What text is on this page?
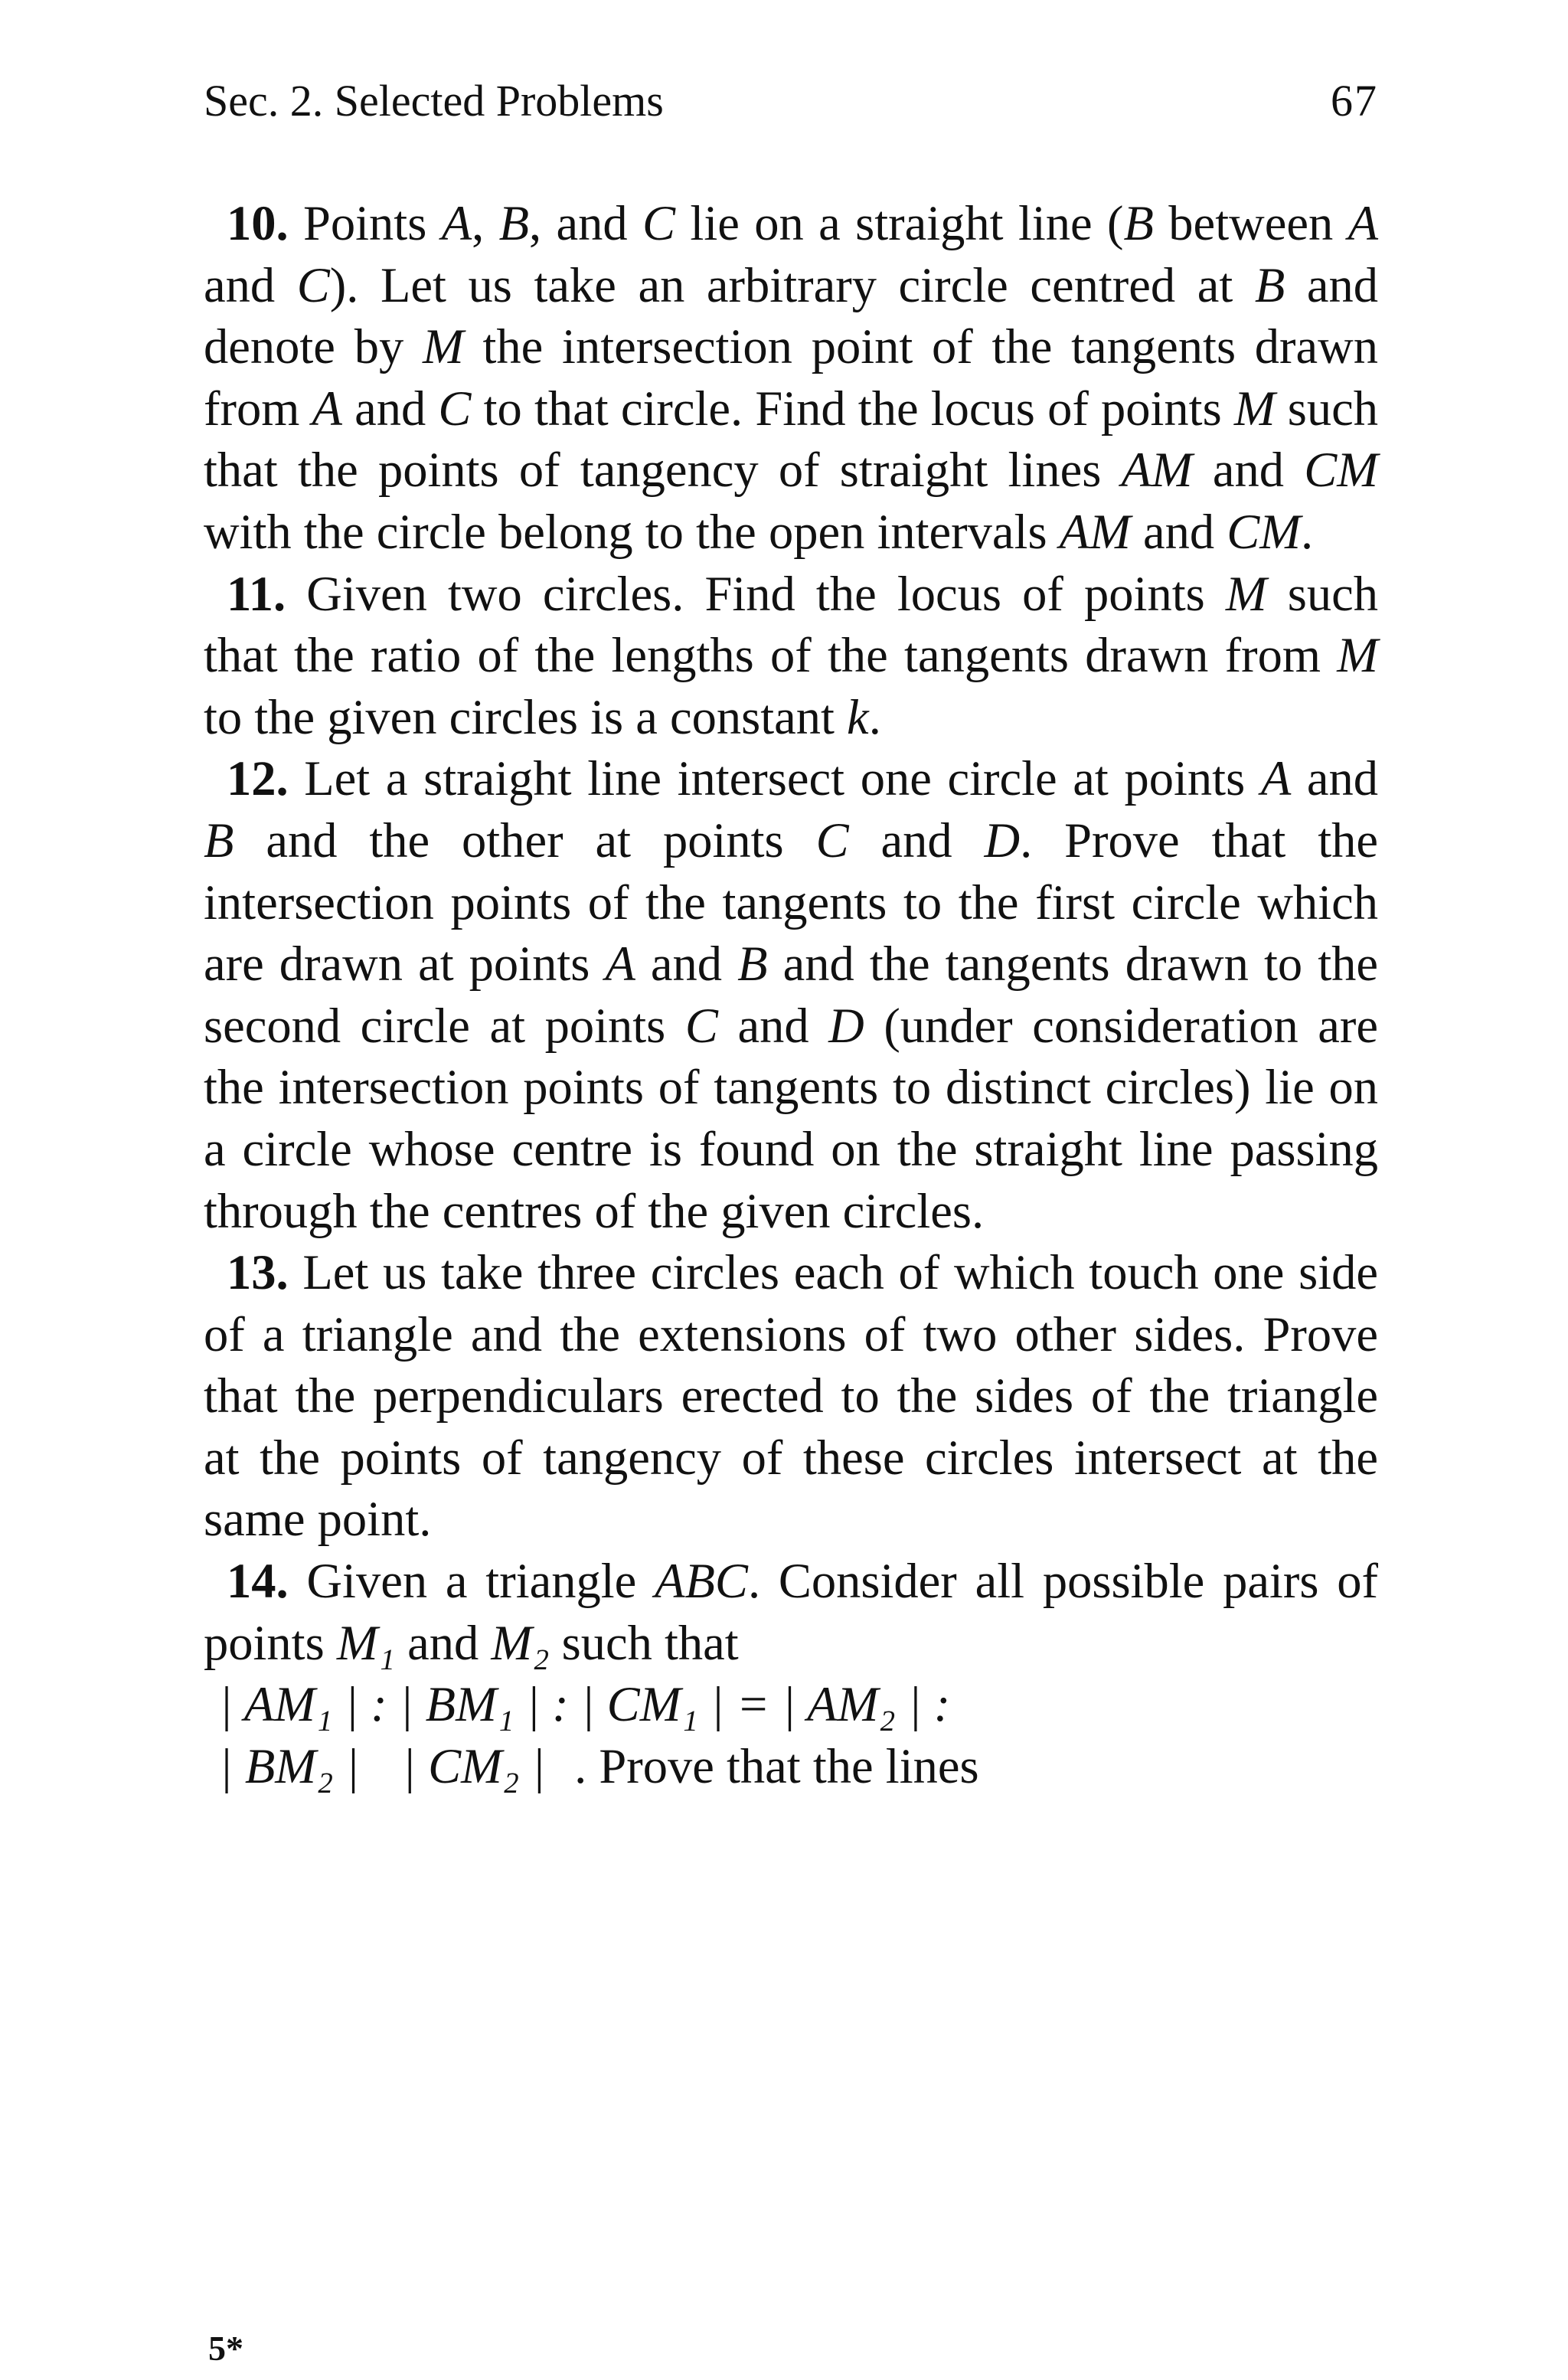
Sec. 2. Selected Problems	67

10. Points A, B, and C lie on a straight line (B between A and C). Let us take an arbitrary circle centred at B and denote by M the intersection point of the tangents drawn from A and C to that circle. Find the locus of points M such that the points of tangency of straight lines AM and CM with the circle belong to the open intervals AM and CM.

11. Given two circles. Find the locus of points M such that the ratio of the lengths of the tangents drawn from M to the given circles is a constant k.

12. Let a straight line intersect one circle at points A and B and the other at points C and D. Prove that the intersection points of the tangents to the first circle which are drawn at points A and B and the tangents drawn to the second circle at points C and D (under consideration are the intersection points of tangents to distinct circles) lie on a circle whose centre is found on the straight line passing through the centres of the given circles.

13. Let us take three circles each of which touch one side of a triangle and the extensions of two other sides. Prove that the perpendiculars erected to the sides of the triangle at the points of tangency of these circles intersect at the same point.

14. Given a triangle ABC. Consider all possible pairs of points M₁ and M₂ such that

| AM₁ | : | BM₁ | : | CM₁ | = | AM₂ | :

| BM₂ | | CM₂ | . Prove that the lines

5*
